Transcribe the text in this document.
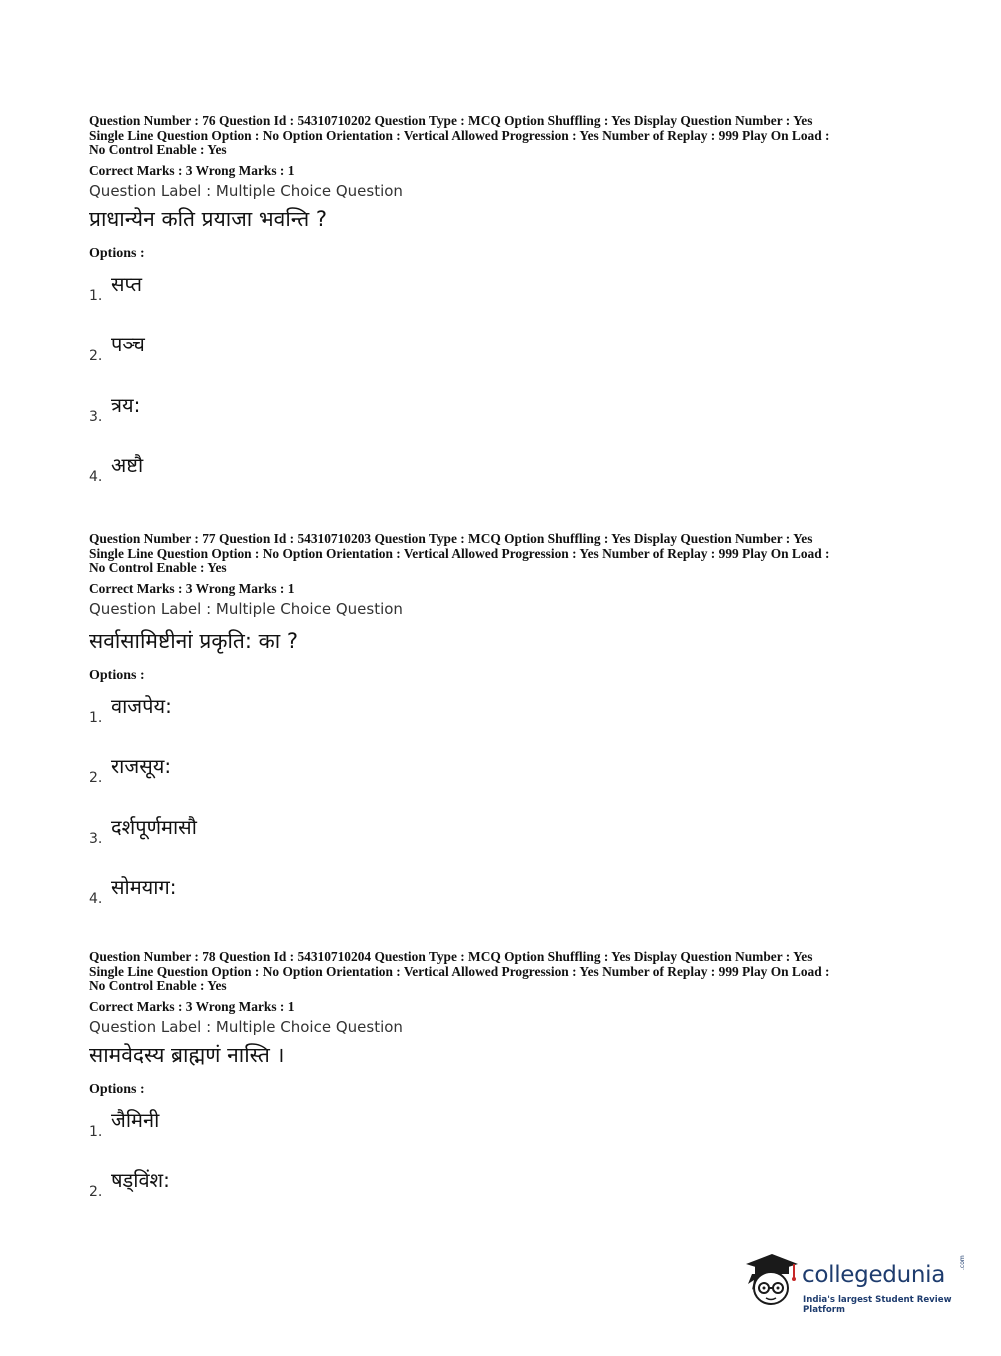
Question Number : 76 Question Id : 54310710202 Question Type : MCQ Option Shuffling : Yes Display Question Number : Yes

Single Line Question Option : No Option Orientation : Vertical Allowed Progression : Yes Number of Replay : 999 Play On Load :

No Control Enable : Yes

Correct Marks : 3 Wrong Marks : 1
Question Label : Multiple Choice Question
प्राधान्येन कति प्रयाजा भवन्ति ?
Options :
1. सप्त
2. पञ्च
3. त्रय:
4. अष्टौ

Question Number : 77 Question Id : 54310710203 Question Type : MCQ Option Shuffling : Yes Display Question Number : Yes

Single Line Question Option : No Option Orientation : Vertical Allowed Progression : Yes Number of Replay : 999 Play On Load :

No Control Enable : Yes

Correct Marks : 3 Wrong Marks : 1
Question Label : Multiple Choice Question
सर्वासामिष्टीनां प्रकृति: का ?
Options :
1. वाजपेय:
2. राजसूय:
3. दर्शपूर्णमासौ
4. सोमयाग:

Question Number : 78 Question Id : 54310710204 Question Type : MCQ Option Shuffling : Yes Display Question Number : Yes

Single Line Question Option : No Option Orientation : Vertical Allowed Progression : Yes Number of Replay : 999 Play On Load :

No Control Enable : Yes

Correct Marks : 3 Wrong Marks : 1
Question Label : Multiple Choice Question
सामवेदस्य ब्राह्मणं नास्ति ।
Options :
1. जैमिनी
2. षड्विंश:
collegedunia .com
India's largest Student Review Platform
